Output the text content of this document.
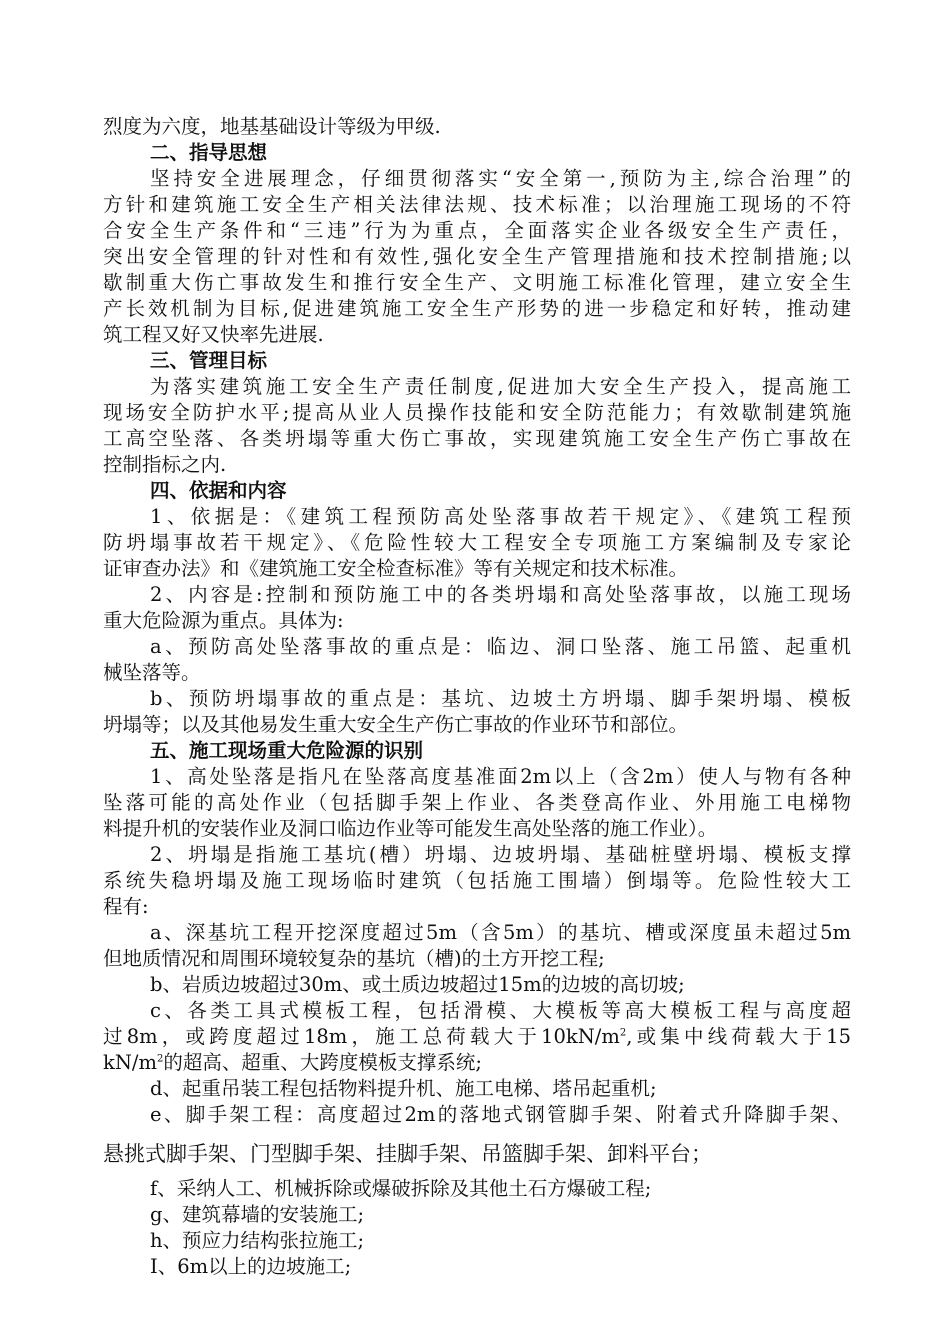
烈度为六度，地基基础设计等级为甲级.
二、指导思想
坚持安全进展理念，仔细贯彻落实“安全第一,预防为主,综合治理”的
方针和建筑施工安全生产相关法律法规、技术标准；以治理施工现场的不符
合安全生产条件和“三违”行为为重点，全面落实企业各级安全生产责任，
突出安全管理的针对性和有效性,强化安全生产管理措施和技术控制措施;以
歇制重大伤亡事故发生和推行安全生产、文明施工标准化管理，建立安全生
产长效机制为目标,促进建筑施工安全生产形势的进一步稳定和好转，推动建
筑工程又好又快率先进展.
三、管理目标
为落实建筑施工安全生产责任制度,促进加大安全生产投入，提高施工
现场安全防护水平;提高从业人员操作技能和安全防范能力；有效歇制建筑施
工高空坠落、各类坍塌等重大伤亡事故，实现建筑施工安全生产伤亡事故在
控制指标之内.
四、依据和内容
1、依据是：《建筑工程预防高处坠落事故若干规定》、《建筑工程预
防坍塌事故若干规定》、《危险性较大工程安全专项施工方案编制及专家论
证审查办法》和《建筑施工安全检查标准》等有关规定和技术标准。
2、内容是:控制和预防施工中的各类坍塌和高处坠落事故，以施工现场
重大危险源为重点。具体为:
a、预防高处坠落事故的重点是：临边、洞口坠落、施工吊篮、起重机
械坠落等。
b、预防坍塌事故的重点是：基坑、边坡土方坍塌、脚手架坍塌、模板
坍塌等；以及其他易发生重大安全生产伤亡事故的作业环节和部位。
五、施工现场重大危险源的识别
1、高处坠落是指凡在坠落高度基准面2m以上（含2m）使人与物有各种
坠落可能的高处作业（包括脚手架上作业、各类登高作业、外用施工电梯物
料提升机的安装作业及洞口临边作业等可能发生高处坠落的施工作业）。
2、坍塌是指施工基坑(槽）坍塌、边坡坍塌、基础桩壁坍塌、模板支撑
系统失稳坍塌及施工现场临时建筑（包括施工围墙）倒塌等。危险性较大工
程有:
a、深基坑工程开挖深度超过5m（含5m）的基坑、槽或深度虽未超过5m
但地质情况和周围环境较复杂的基坑（槽)的土方开挖工程;
b、岩质边坡超过30m、或土质边坡超过15m的边坡的高切坡;
c、各类工具式模板工程，包括滑模、大模板等高大模板工程与高度超
过8m，或跨度超过18m，施工总荷载大于$10kN/m^2$,或集中线荷载大于15
$kN/m^2$的超高、超重、大跨度模板支撑系统;
d、起重吊装工程包括物料提升机、施工电梯、塔吊起重机;
e、脚手架工程：高度超过2m的落地式钢管脚手架、附着式升降脚手架、
悬挑式脚手架、门型脚手架、挂脚手架、吊篮脚手架、卸料平台；
f、采纳人工、机械拆除或爆破拆除及其他土石方爆破工程;
g、建筑幕墙的安装施工;
h、预应力结构张拉施工;
I、6m以上的边坡施工;
